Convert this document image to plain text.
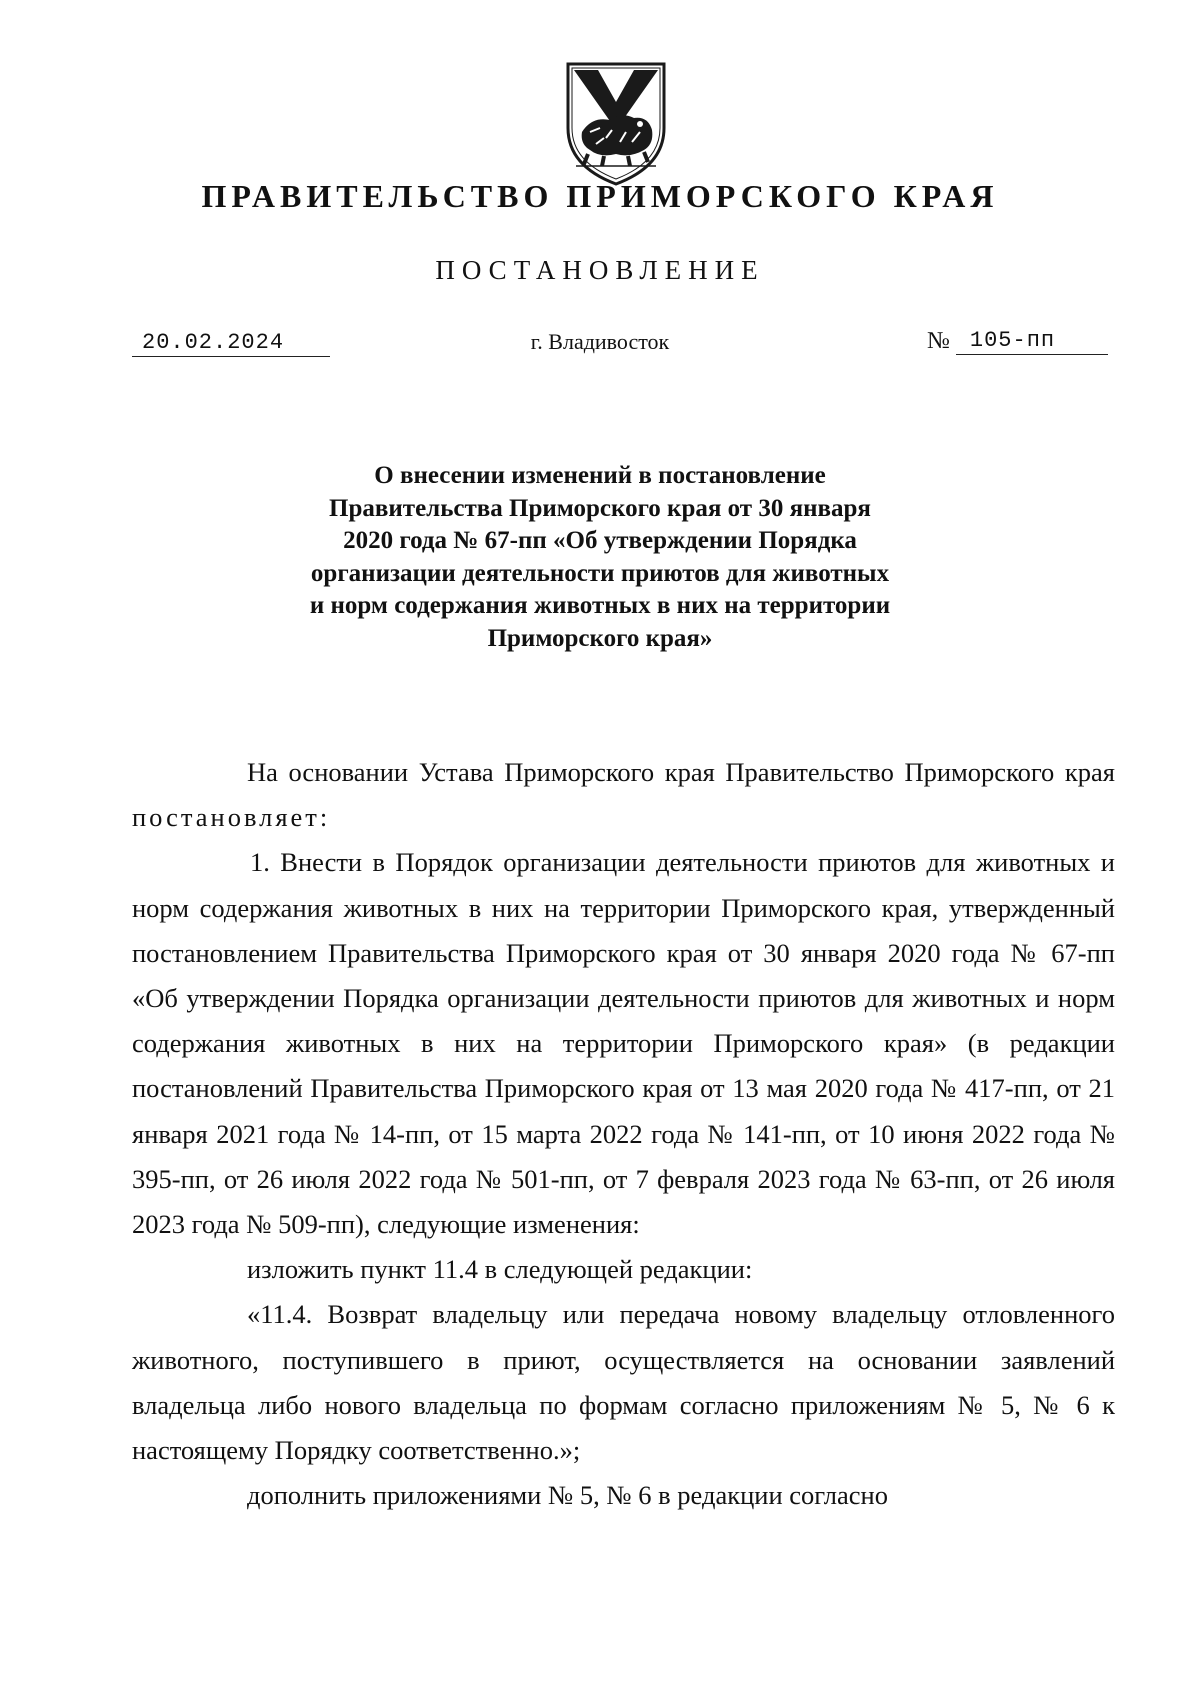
ПРАВИТЕЛЬСТВО ПРИМОРСКОГО КРАЯ
ПОСТАНОВЛЕНИЕ
20.02.2024	г. Владивосток	№ 105-пп
О внесении изменений в постановление
Правительства Приморского края от 30 января
2020 года № 67-пп «Об утверждении Порядка
организации деятельности приютов для животных
и норм содержания животных в них на территории
Приморского края»

На основании Устава Приморского края Правительство Приморского края постановляет:

1. Внести в Порядок организации деятельности приютов для животных и норм содержания животных в них на территории Приморского края, утвержденный постановлением Правительства Приморского края от 30 января 2020 года № 67-пп «Об утверждении Порядка организации деятельности приютов для животных и норм содержания животных в них на территории Приморского края» (в редакции постановлений Правительства Приморского края от 13 мая 2020 года № 417-пп, от 21 января 2021 года № 14-пп, от 15 марта 2022 года № 141-пп, от 10 июня 2022 года № 395-пп, от 26 июля 2022 года № 501-пп, от 7 февраля 2023 года № 63-пп, от 26 июля 2023 года № 509-пп), следующие изменения:

изложить пункт 11.4 в следующей редакции:

«11.4. Возврат владельцу или передача новому владельцу отловленного животного, поступившего в приют, осуществляется на основании заявлений владельца либо нового владельца по формам согласно приложениям № 5, № 6 к настоящему Порядку соответственно.»;

дополнить приложениями № 5, № 6 в редакции согласно
